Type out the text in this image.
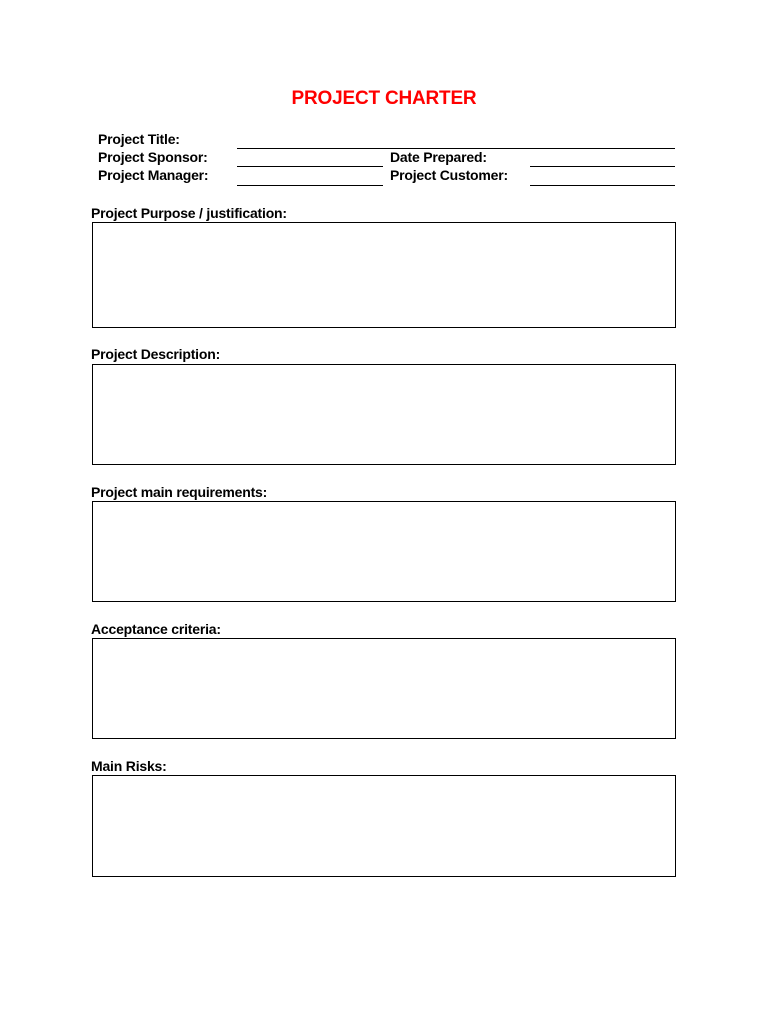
PROJECT CHARTER
Project Title:
Project Sponsor:	Date Prepared:
Project Manager:	Project Customer:
Project Purpose / justification:
Project Description:
Project main requirements:
Acceptance criteria:
Main Risks:
